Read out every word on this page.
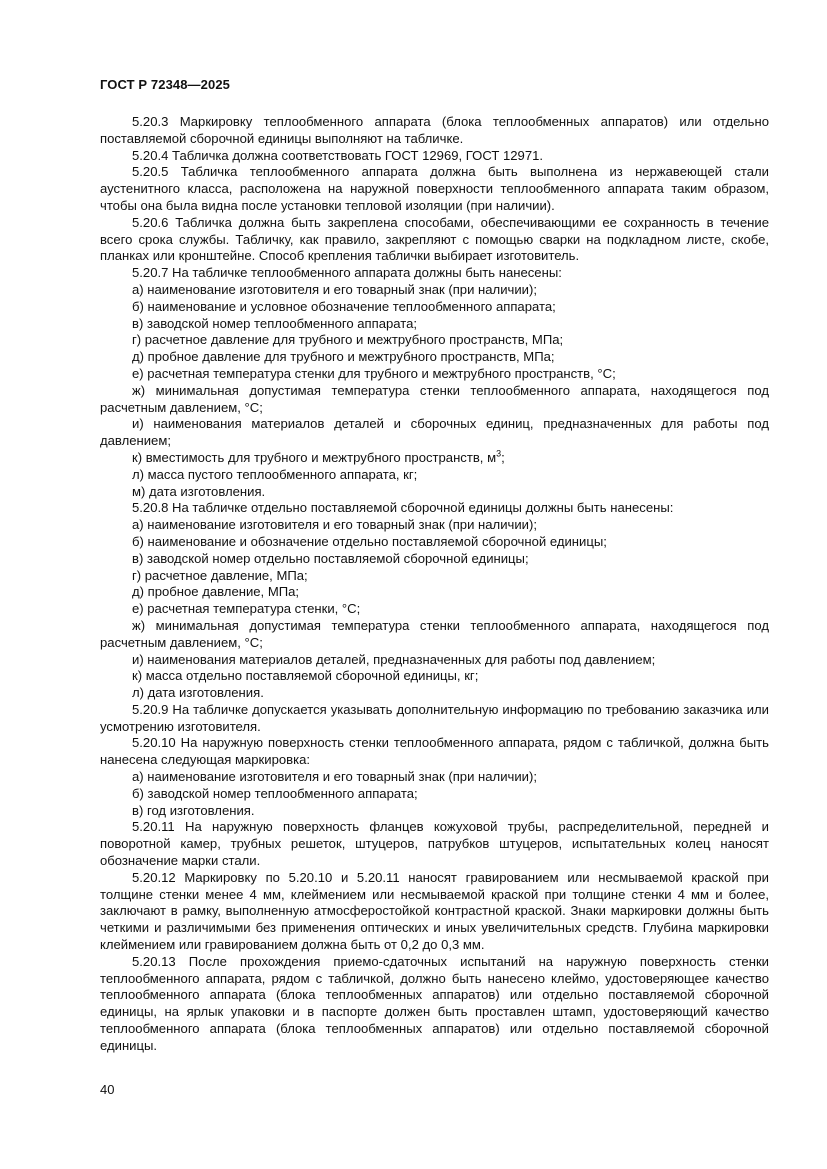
ГОСТ Р 72348—2025

5.20.3 Маркировку теплообменного аппарата (блока теплообменных аппаратов) или отдельно поставляемой сборочной единицы выполняют на табличке.

5.20.4 Табличка должна соответствовать ГОСТ 12969, ГОСТ 12971.

5.20.5 Табличка теплообменного аппарата должна быть выполнена из нержавеющей стали аустенитного класса, расположена на наружной поверхности теплообменного аппарата таким образом, чтобы она была видна после установки тепловой изоляции (при наличии).

5.20.6 Табличка должна быть закреплена способами, обеспечивающими ее сохранность в течение всего срока службы. Табличку, как правило, закрепляют с помощью сварки на подкладном листе, скобе, планках или кронштейне. Способ крепления таблички выбирает изготовитель.

5.20.7 На табличке теплообменного аппарата должны быть нанесены:

а) наименование изготовителя и его товарный знак (при наличии);

б) наименование и условное обозначение теплообменного аппарата;

в) заводской номер теплообменного аппарата;

г) расчетное давление для трубного и межтрубного пространств, МПа;

д) пробное давление для трубного и межтрубного пространств, МПа;

е) расчетная температура стенки для трубного и межтрубного пространств, °С;

ж) минимальная допустимая температура стенки теплообменного аппарата, находящегося под расчетным давлением, °С;

и) наименования материалов деталей и сборочных единиц, предназначенных для работы под давлением;

к) вместимость для трубного и межтрубного пространств, $м^3$;

л) масса пустого теплообменного аппарата, кг;

м) дата изготовления.

5.20.8 На табличке отдельно поставляемой сборочной единицы должны быть нанесены:

а) наименование изготовителя и его товарный знак (при наличии);

б) наименование и обозначение отдельно поставляемой сборочной единицы;

в) заводской номер отдельно поставляемой сборочной единицы;

г) расчетное давление, МПа;

д) пробное давление, МПа;

е) расчетная температура стенки, °С;

ж) минимальная допустимая температура стенки теплообменного аппарата, находящегося под расчетным давлением, °С;

и) наименования материалов деталей, предназначенных для работы под давлением;

к) масса отдельно поставляемой сборочной единицы, кг;

л) дата изготовления.

5.20.9 На табличке допускается указывать дополнительную информацию по требованию заказчика или усмотрению изготовителя.

5.20.10 На наружную поверхность стенки теплообменного аппарата, рядом с табличкой, должна быть нанесена следующая маркировка:

а) наименование изготовителя и его товарный знак (при наличии);

б) заводской номер теплообменного аппарата;

в) год изготовления.

5.20.11 На наружную поверхность фланцев кожуховой трубы, распределительной, передней и поворотной камер, трубных решеток, штуцеров, патрубков штуцеров, испытательных колец наносят обозначение марки стали.

5.20.12 Маркировку по 5.20.10 и 5.20.11 наносят гравированием или несмываемой краской при толщине стенки менее 4 мм, клеймением или несмываемой краской при толщине стенки 4 мм и более, заключают в рамку, выполненную атмосферостойкой контрастной краской. Знаки маркировки должны быть четкими и различимыми без применения оптических и иных увеличительных средств. Глубина маркировки клеймением или гравированием должна быть от 0,2 до 0,3 мм.

5.20.13 После прохождения приемо-сдаточных испытаний на наружную поверхность стенки теплообменного аппарата, рядом с табличкой, должно быть нанесено клеймо, удостоверяющее качество теплообменного аппарата (блока теплообменных аппаратов) или отдельно поставляемой сборочной единицы, на ярлык упаковки и в паспорте должен быть проставлен штамп, удостоверяющий качество теплообменного аппарата (блока теплообменных аппаратов) или отдельно поставляемой сборочной единицы.

40
